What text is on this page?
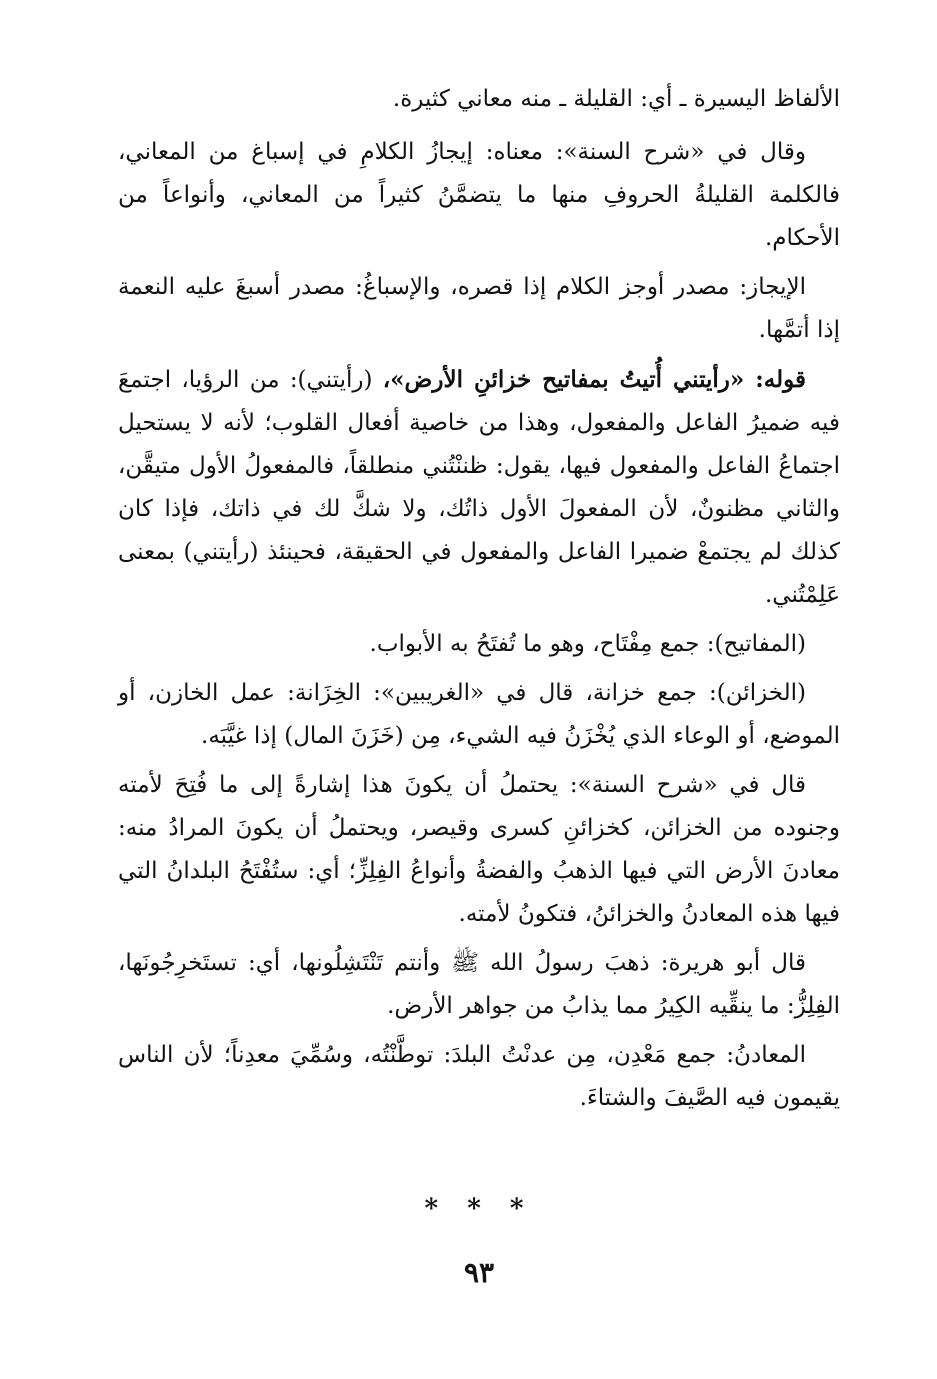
الألفاظ اليسيرة ـ أي: القليلة ـ منه معاني كثيرة.

وقال في «شرح السنة»: معناه: إيجازُ الكلامِ في إسباغ من المعاني، فالكلمة القليلةُ الحروفِ منها ما يتضمَّنُ كثيراً من المعاني، وأنواعاً من الأحكام.

الإيجاز: مصدر أوجز الكلام إذا قصره، والإسباغُ: مصدر أسبغَ عليه النعمة إذا أتمَّها.

قوله: «رأيتني أُتيتُ بمفاتيح خزائنِ الأرض»، (رأيتني): من الرؤيا، اجتمعَ فيه ضميرُ الفاعل والمفعول، وهذا من خاصية أفعال القلوب؛ لأنه لا يستحيل اجتماعُ الفاعل والمفعول فيها، يقول: ظننْتُني منطلقاً، فالمفعولُ الأول متيقَّن، والثاني مظنونٌ، لأن المفعولَ الأول ذاتُك، ولا شكَّ لك في ذاتك، فإذا كان كذلك لم يجتمعْ ضميرا الفاعل والمفعول في الحقيقة، فحينئذ (رأيتني) بمعنى عَلِمْتُني.

(المفاتيح): جمع مِفْتَاح، وهو ما تُفتَحُ به الأبواب.

(الخزائن): جمع خزانة، قال في «الغريبين»: الخِزَانة: عمل الخازن، أو الموضع، أو الوعاء الذي يُخْزَنُ فيه الشيء، مِن (خَزَنَ المال) إذا غيَّبَه.

قال في «شرح السنة»: يحتملُ أن يكونَ هذا إشارةً إلى ما فُتِحَ لأمته وجنوده من الخزائن، كخزائنِ كسرى وقيصر، ويحتملُ أن يكونَ المرادُ منه: معادنَ الأرض التي فيها الذهبُ والفضةُ وأنواعُ الفِلِزِّ؛ أي: ستُفْتَحُ البلدانُ التي فيها هذه المعادنُ والخزائنُ، فتكونُ لأمته.

قال أبو هريرة: ذهبَ رسولُ الله ﷺ وأنتم تَنْتَشِلُونها، أي: تستَخرِجُونَها، الفِلِزُّ: ما ينقِّيه الكِيرُ مما يذابُ من جواهر الأرض.

المعادنُ: جمع مَعْدِن، مِن عدنْتُ البلدَ: توطَّنْتُه، وسُمِّيَ معدِناً؛ لأن الناس يقيمون فيه الصَّيفَ والشتاءَ.

* * *
٩٣
